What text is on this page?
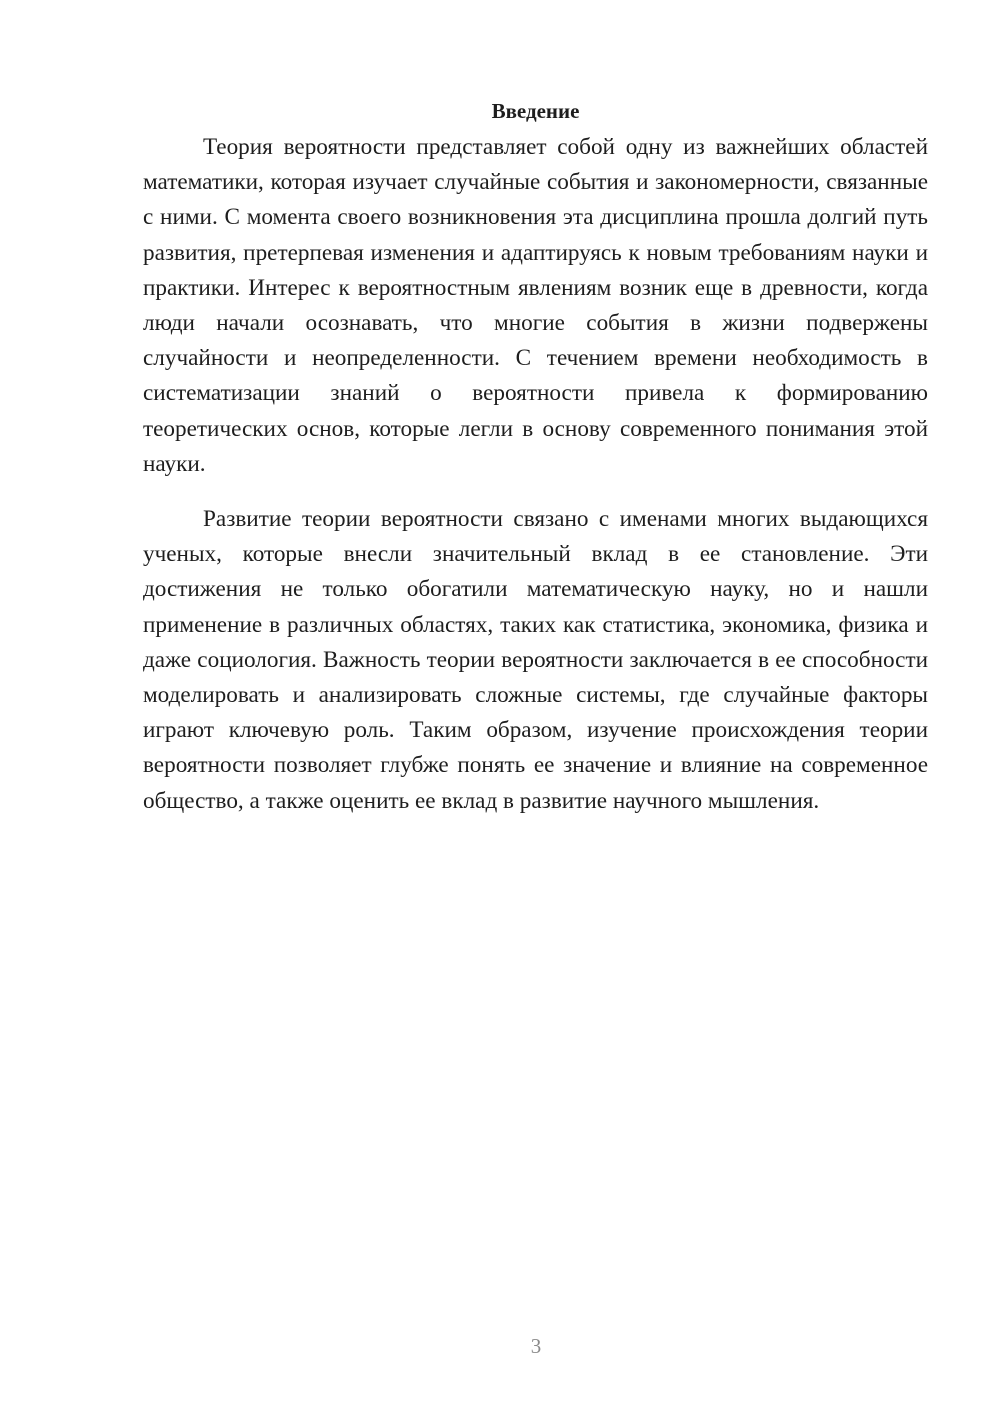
Введение

Теория вероятности представляет собой одну из важнейших областей математики, которая изучает случайные события и закономерности, связанные с ними. С момента своего возникновения эта дисциплина прошла долгий путь развития, претерпевая изменения и адаптируясь к новым требованиям науки и практики. Интерес к вероятностным явлениям возник еще в древности, когда люди начали осознавать, что многие события в жизни подвержены случайности и неопределенности. С течением времени необходимость в систематизации знаний о вероятности привела к формированию теоретических основ, которые легли в основу современного понимания этой науки.

Развитие теории вероятности связано с именами многих выдающихся ученых, которые внесли значительный вклад в ее становление. Эти достижения не только обогатили математическую науку, но и нашли применение в различных областях, таких как статистика, экономика, физика и даже социология. Важность теории вероятности заключается в ее способности моделировать и анализировать сложные системы, где случайные факторы играют ключевую роль. Таким образом, изучение происхождения теории вероятности позволяет глубже понять ее значение и влияние на современное общество, а также оценить ее вклад в развитие научного мышления.

3
